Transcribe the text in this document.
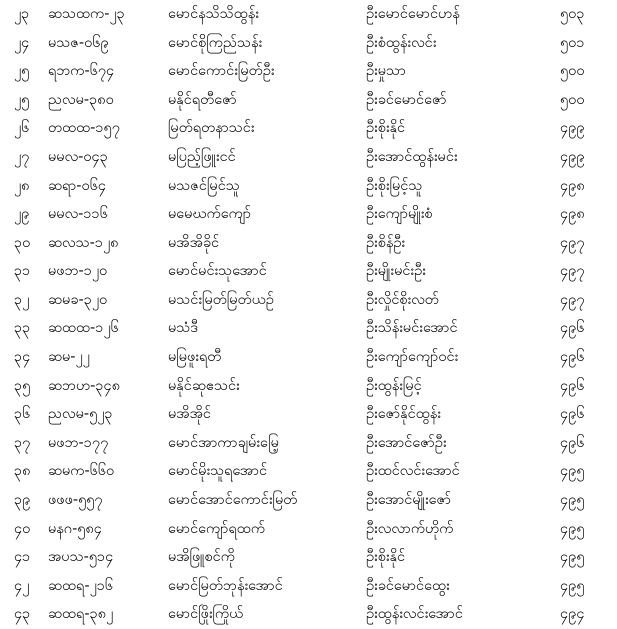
၂၃	ဆသထက-၂၃	မောင်နသိသိထွန်း	ဦးမောင်မောင်ဟန်	၅၀၃
၂၄	မသဇ-၀၆၉	မောင်စိုကြည်သန်း	ဦးစံထွန်းလင်း	၅၀၁
၂၅	ရဘက-၆၇၄	မောင်ကောင်းမြတ်ဦး	ဦးမှုသာ	၅၀၀
၂၅	ညလမ-၃၈၀	မနိုင်ရတီဇော်	ဦးခင်မောင်ဇော်	၅၀၀
၂၆	တထထ-၁၅၇	မြတ်ရတနာသင်း	ဦးစိုးနိုင်	၄၉၉
၂၇	မမလ-၀၄၃	မပြည့်ဖြူးငင်	ဦးအောင်ထွန်းမင်း	၄၉၉
၂၈	ဆရာ-၀၆၄	မသဇင်မြင်သူ	ဦးစိုးမြင့်သူ	၄၉၈
၂၉	မမလ-၁၁၆	မမေဃက်ကျော်	ဦးကျော်မျိုးစံ	၄၉၈
၃၀	ဆလသ-၁၂၈	မအိအိခိုင်	ဦးစိန်ဦး	၄၉၇
၃၁	မဖဘ-၁၂၀	မောင်မင်းသုအောင်	ဦးမျိုးမင်းဦး	၄၉၇
၃၂	ဆမခ-၃၂၀	မသင်းမြတ်မြတ်ယဉ်	ဦးလှိုင်စိုးလတ်	၄၉၇
၃၃	ဆထထ-၁၂၆	မသံဒီ	ဦးသိန်းမင်းအောင်	၄၉၆
၃၄	ဆမ-၂၂	မမြဖူးရတီ	ဦးကျော်ကျော်ဝင်း	၄၉၆
၃၅	ဆဘဟ-၃၄၈	မနိုင်ဆုဧသင်း	ဦးထွန်းမြင့်	၄၉၆
၃၆	ညလမ-၅၂၃	မအိအိုင်	ဦးဇော်နိုင်ထွန်း	၄၉၆
၃၇	မဖဘ-၁၇၇	မောင်အာကာချမ်းမြေ့	ဦးအောင်ဇော်ဦး	၄၉၆
၃၈	ဆမက-၆၆၀	မောင်မိုးသူရအောင်	ဦးထင်လင်းအောင်	၄၉၅
၃၉	ဖဖဖ-၅၅၇	မောင်အောင်ကောင်းမြတ်	ဦးအောင်မျိုးဇော်	၄၉၅
၄၀	မနဂ-၅၈၄	မောင်ကျော်ရထက်	ဦးလလာက်ဟိုက်	၄၉၅
၄၁	အပသ-၅၁၄	မအိဖြူစင်ကို	ဦးစိုးနိုင်	၄၉၅
၄၂	ဆထရ-၂၁၆	မောင်မြတ်ဘုန်းအောင်	ဦးခင်မောင်ထွေး	၄၉၅
၄၃	ဆထရ-၃၈၂	မောင်ဖြိုးကြိုယ်	ဦးထွန်းလင်းအောင်	၄၉၄
